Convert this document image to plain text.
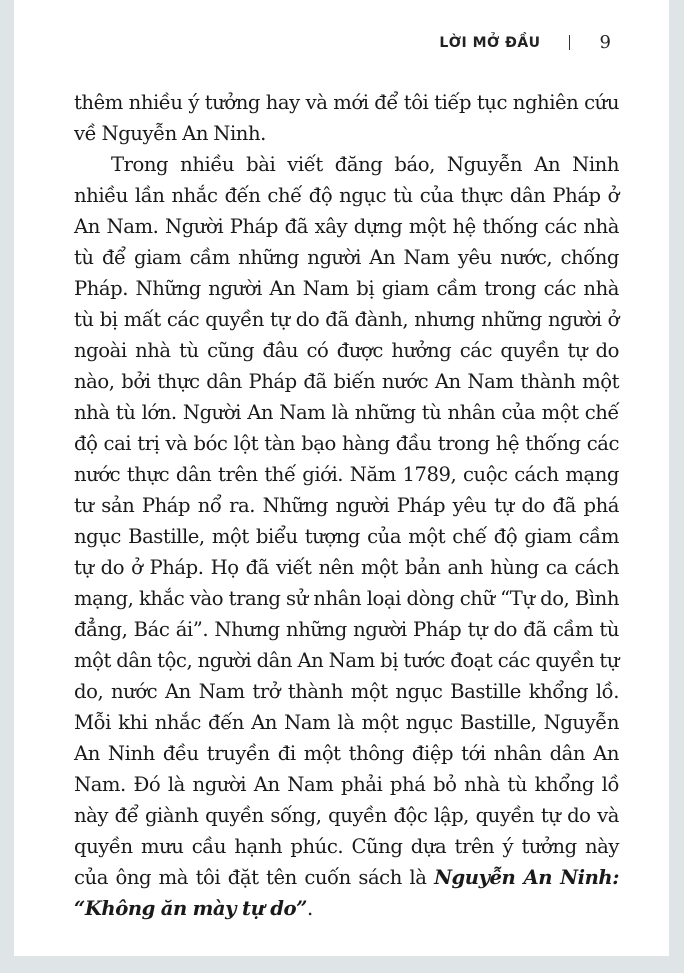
LỜI MỞ ĐẦU	9

thêm nhiều ý tưởng hay và mới để tôi tiếp tục nghiên cứu về Nguyễn An Ninh.

Trong nhiều bài viết đăng báo, Nguyễn An Ninh nhiều lần nhắc đến chế độ ngục tù của thực dân Pháp ở An Nam. Người Pháp đã xây dựng một hệ thống các nhà tù để giam cầm những người An Nam yêu nước, chống Pháp. Những người An Nam bị giam cầm trong các nhà tù bị mất các quyền tự do đã đành, nhưng những người ở ngoài nhà tù cũng đâu có được hưởng các quyền tự do nào, bởi thực dân Pháp đã biến nước An Nam thành một nhà tù lớn. Người An Nam là những tù nhân của một chế độ cai trị và bóc lột tàn bạo hàng đầu trong hệ thống các nước thực dân trên thế giới. Năm 1789, cuộc cách mạng tư sản Pháp nổ ra. Những người Pháp yêu tự do đã phá ngục Bastille, một biểu tượng của một chế độ giam cầm tự do ở Pháp. Họ đã viết nên một bản anh hùng ca cách mạng, khắc vào trang sử nhân loại dòng chữ “Tự do, Bình đẳng, Bác ái”. Nhưng những người Pháp tự do đã cầm tù một dân tộc, người dân An Nam bị tước đoạt các quyền tự do, nước An Nam trở thành một ngục Bastille khổng lồ. Mỗi khi nhắc đến An Nam là một ngục Bastille, Nguyễn An Ninh đều truyền đi một thông điệp tới nhân dân An Nam. Đó là người An Nam phải phá bỏ nhà tù khổng lồ này để giành quyền sống, quyền độc lập, quyền tự do và quyền mưu cầu hạnh phúc. Cũng dựa trên ý tưởng này của ông mà tôi đặt tên cuốn sách là Nguyễn An Ninh: “Không ăn mày tự do”.
